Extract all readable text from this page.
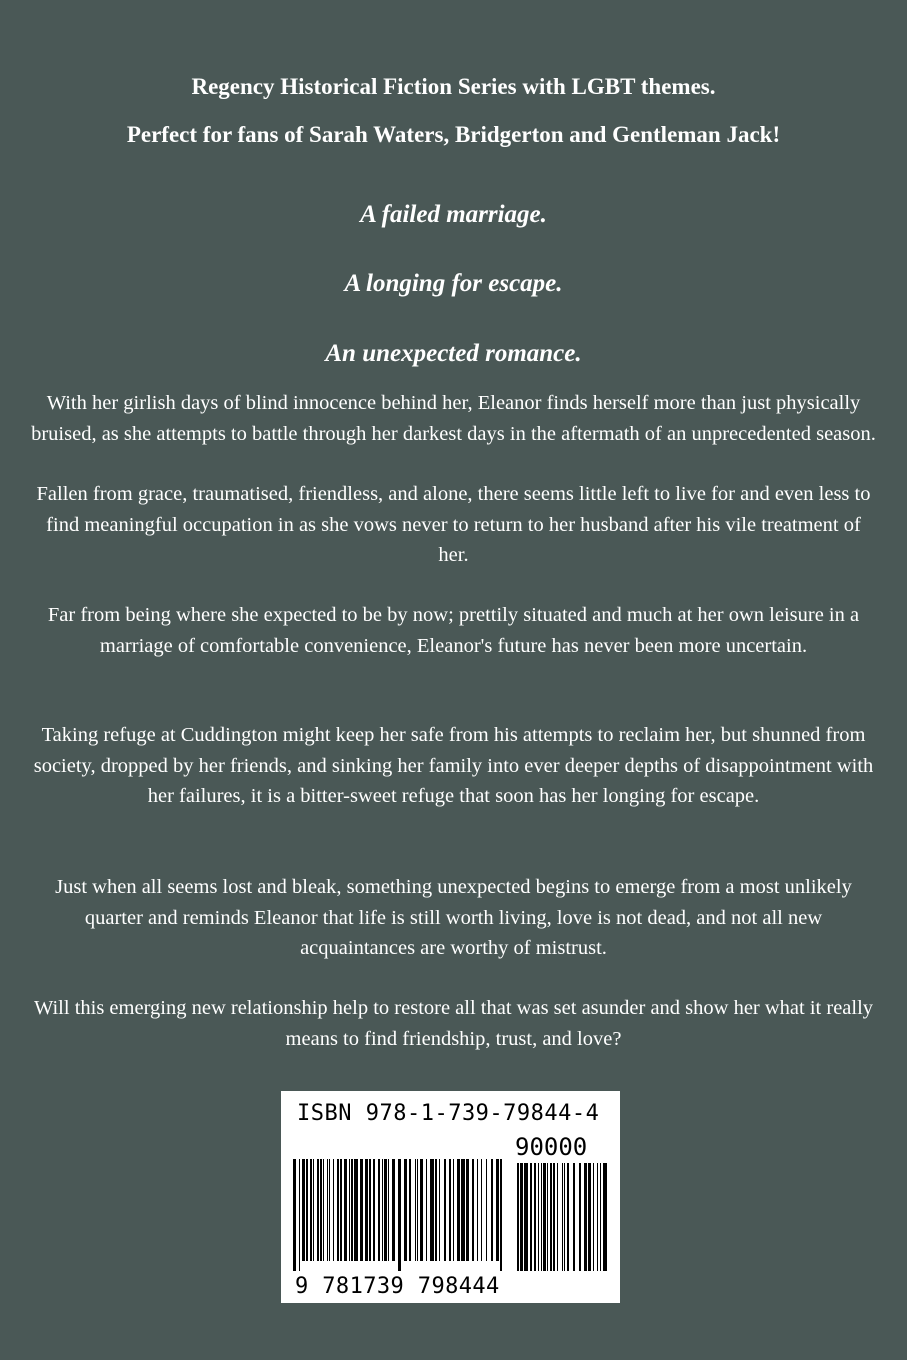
Regency Historical Fiction Series with LGBT themes.
Perfect for fans of Sarah Waters, Bridgerton and Gentleman Jack!
A failed marriage.
A longing for escape.
An unexpected romance.

With her girlish days of blind innocence behind her, Eleanor finds herself more than just physically bruised, as she attempts to battle through her darkest days in the aftermath of an unprecedented season.

Fallen from grace, traumatised, friendless, and alone, there seems little left to live for and even less to find meaningful occupation in as she vows never to return to her husband after his vile treatment of her.

Far from being where she expected to be by now; prettily situated and much at her own leisure in a marriage of comfortable convenience, Eleanor's future has never been more uncertain.

Taking refuge at Cuddington might keep her safe from his attempts to reclaim her, but shunned from society, dropped by her friends, and sinking her family into ever deeper depths of disappointment with her failures, it is a bitter-sweet refuge that soon has her longing for escape.

Just when all seems lost and bleak, something unexpected begins to emerge from a most unlikely quarter and reminds Eleanor that life is still worth living, love is not dead, and not all new acquaintances are worthy of mistrust.

Will this emerging new relationship help to restore all that was set asunder and show her what it really means to find friendship, trust, and love?

ISBN 978-1-739-79844-4
90000
9 781739 798444
